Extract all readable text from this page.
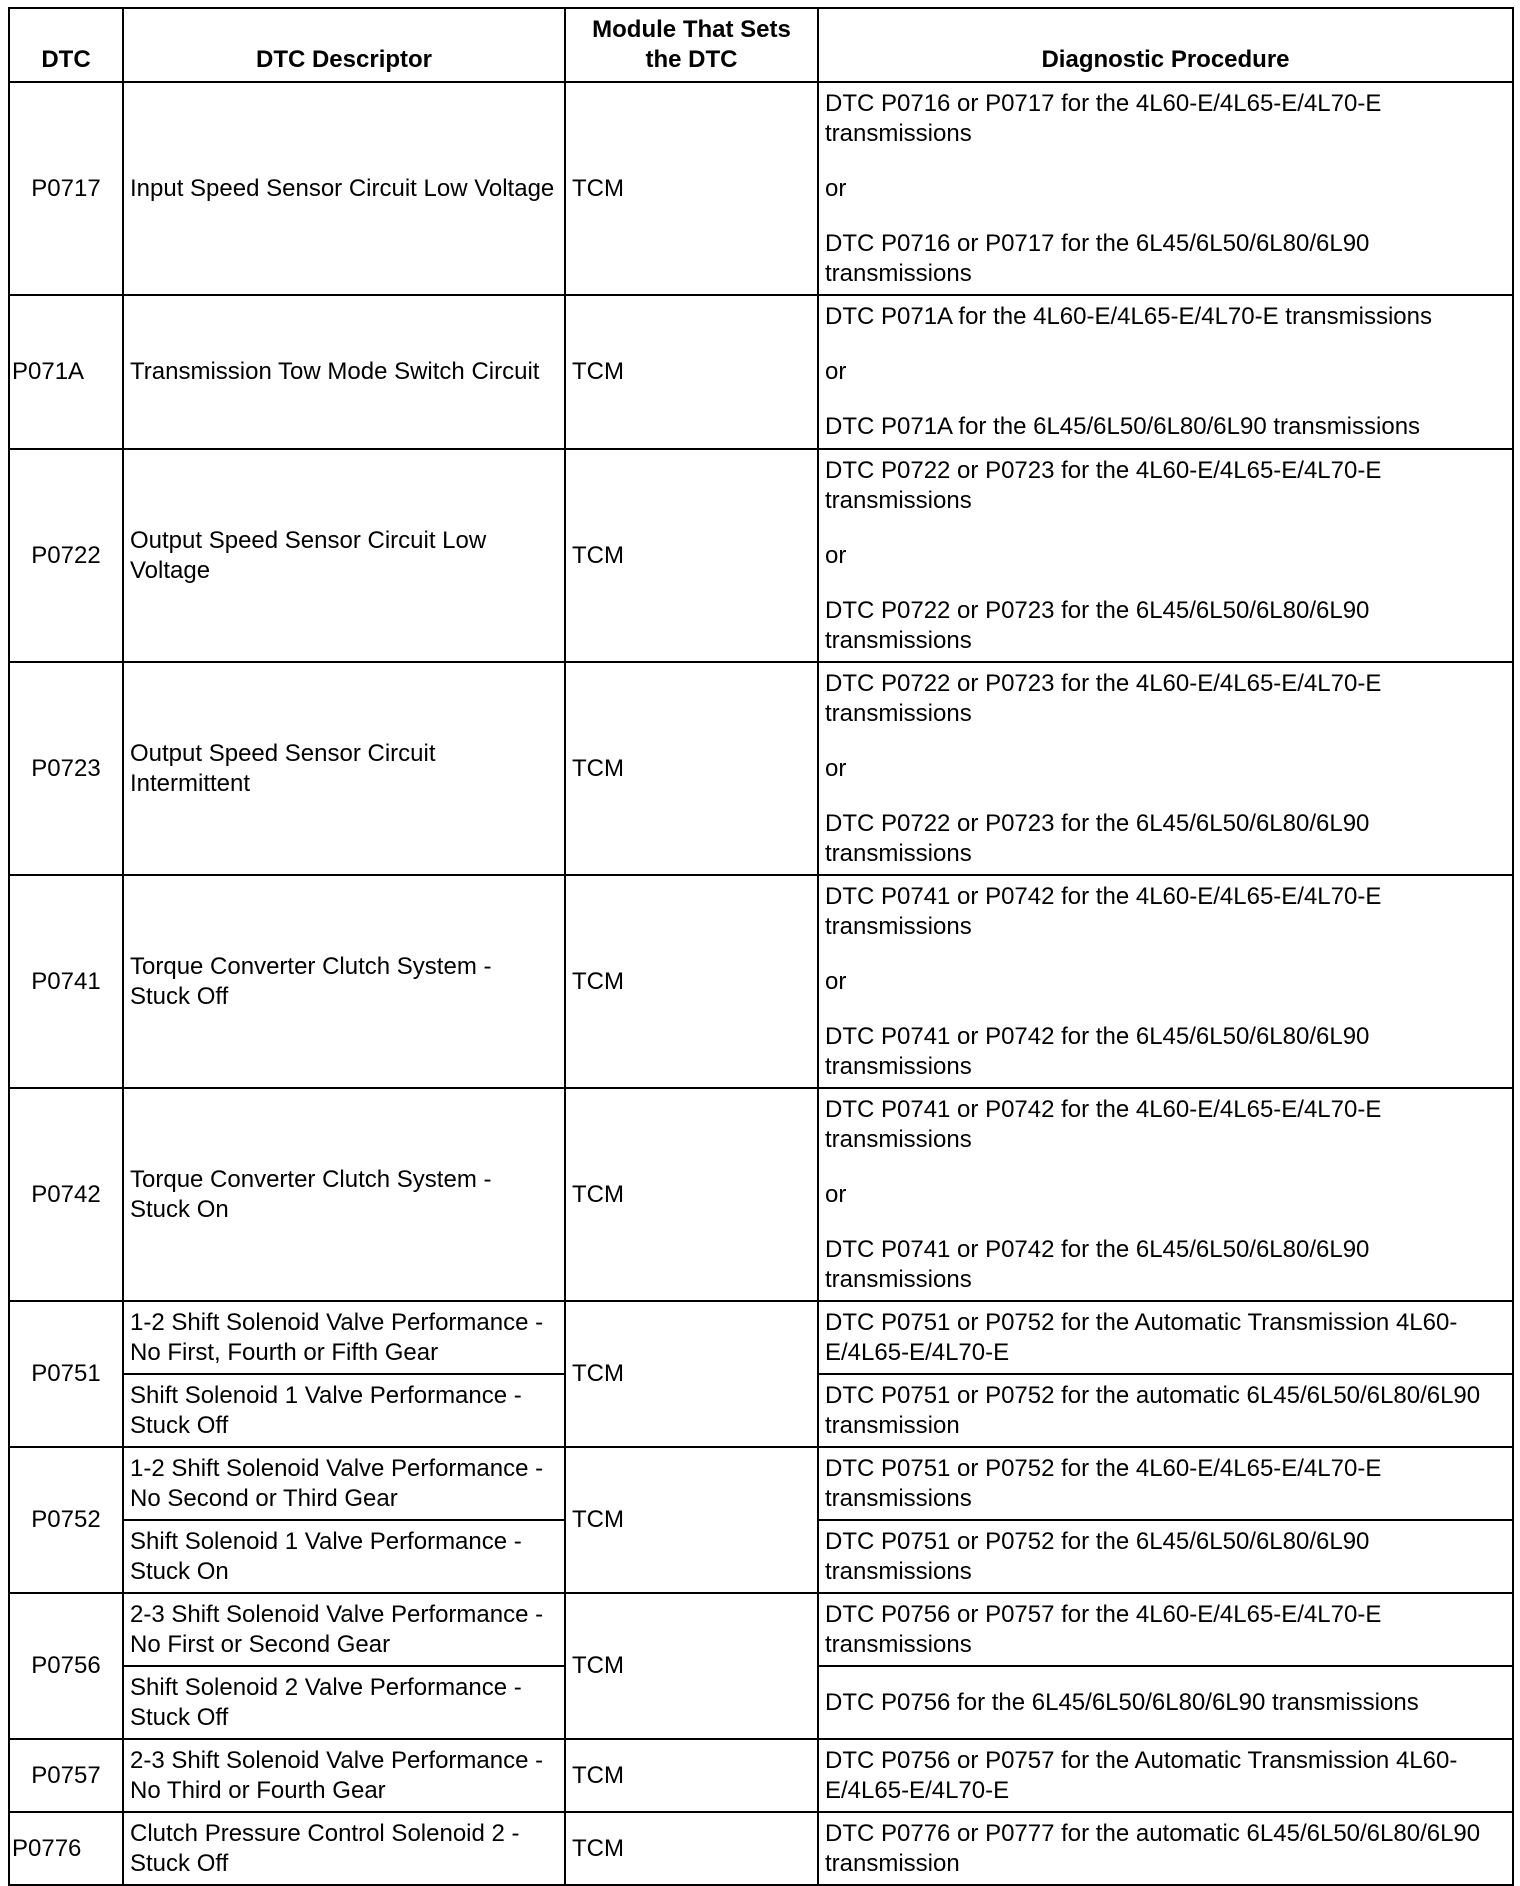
DTC	DTC Descriptor	Module That Sets the DTC	Diagnostic Procedure
P0717	Input Speed Sensor Circuit Low Voltage	TCM	DTC P0716 or P0717 for the 4L60-E/4L65-E/4L70-E transmissions
or
DTC P0716 or P0717 for the 6L45/6L50/6L80/6L90 transmissions

P071A	Transmission Tow Mode Switch Circuit	TCM	DTC P071A for the 4L60-E/4L65-E/4L70-E transmissions
or
DTC P071A for the 6L45/6L50/6L80/6L90 transmissions

P0722	Output Speed Sensor Circuit Low Voltage	TCM	DTC P0722 or P0723 for the 4L60-E/4L65-E/4L70-E transmissions
or
DTC P0722 or P0723 for the 6L45/6L50/6L80/6L90 transmissions

P0723	Output Speed Sensor Circuit Intermittent	TCM	DTC P0722 or P0723 for the 4L60-E/4L65-E/4L70-E transmissions
or
DTC P0722 or P0723 for the 6L45/6L50/6L80/6L90 transmissions

P0741	Torque Converter Clutch System - Stuck Off	TCM	DTC P0741 or P0742 for the 4L60-E/4L65-E/4L70-E transmissions
or
DTC P0741 or P0742 for the 6L45/6L50/6L80/6L90 transmissions

P0742	Torque Converter Clutch System - Stuck On	TCM	DTC P0741 or P0742 for the 4L60-E/4L65-E/4L70-E transmissions
or
DTC P0741 or P0742 for the 6L45/6L50/6L80/6L90 transmissions

P0751	1-2 Shift Solenoid Valve Performance - No First, Fourth or Fifth Gear	TCM	DTC P0751 or P0752 for the Automatic Transmission 4L60-E/4L65-E/4L70-E
	Shift Solenoid 1 Valve Performance - Stuck Off		DTC P0751 or P0752 for the automatic 6L45/6L50/6L80/6L90 transmission
P0752	1-2 Shift Solenoid Valve Performance - No Second or Third Gear	TCM	DTC P0751 or P0752 for the 4L60-E/4L65-E/4L70-E transmissions
	Shift Solenoid 1 Valve Performance - Stuck On		DTC P0751 or P0752 for the 6L45/6L50/6L80/6L90 transmissions
P0756	2-3 Shift Solenoid Valve Performance - No First or Second Gear	TCM	DTC P0756 or P0757 for the 4L60-E/4L65-E/4L70-E transmissions
	Shift Solenoid 2 Valve Performance - Stuck Off		DTC P0756 for the 6L45/6L50/6L80/6L90 transmissions
P0757	2-3 Shift Solenoid Valve Performance - No Third or Fourth Gear	TCM	DTC P0756 or P0757 for the Automatic Transmission 4L60-E/4L65-E/4L70-E
P0776	Clutch Pressure Control Solenoid 2 - Stuck Off	TCM	DTC P0776 or P0777 for the automatic 6L45/6L50/6L80/6L90 transmission
